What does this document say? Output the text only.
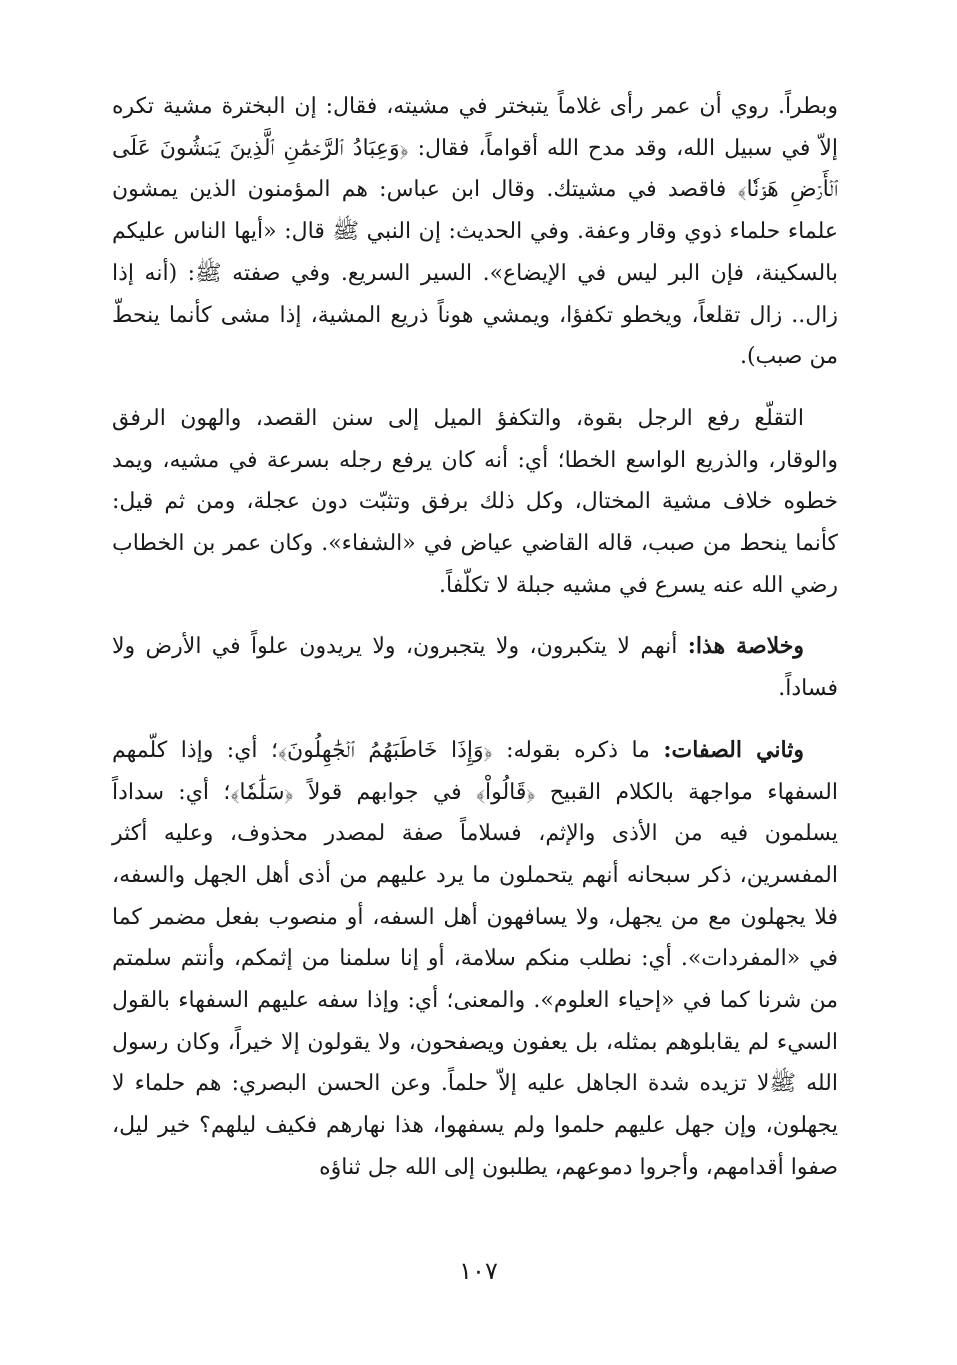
وبطراً. روي أن عمر رأى غلاماً يتبختر في مشيته، فقال: إن البخترة مشية تكره إلاّ في سبيل الله، وقد مدح الله أقواماً، فقال: ﴿وَعِبَادُ ٱلرَّحۡمَٰنِ ٱلَّذِينَ يَمۡشُونَ عَلَى ٱلۡأَرۡضِ هَوۡنٗا﴾ فاقصد في مشيتك. وقال ابن عباس: هم المؤمنون الذين يمشون علماء حلماء ذوي وقار وعفة. وفي الحديث: إن النبي ﷺ قال: «أيها الناس عليكم بالسكينة، فإن البر ليس في الإيضاع». السير السريع. وفي صفته ﷺ: (أنه إذا زال.. زال تقلعاً، ويخطو تكفؤا، ويمشي هوناً ذريع المشية، إذا مشى كأنما ينحطّ من صبب).

التقلّع رفع الرجل بقوة، والتكفؤ الميل إلى سنن القصد، والهون الرفق والوقار، والذريع الواسع الخطا؛ أي: أنه كان يرفع رجله بسرعة في مشيه، ويمد خطوه خلاف مشية المختال، وكل ذلك برفق وتثبّت دون عجلة، ومن ثم قيل: كأنما ينحط من صبب، قاله القاضي عياض في «الشفاء». وكان عمر بن الخطاب رضي الله عنه يسرع في مشيه جبلة لا تكلّفاً.

وخلاصة هذا: أنهم لا يتكبرون، ولا يتجبرون، ولا يريدون علواً في الأرض ولا فساداً.

وثاني الصفات: ما ذكره بقوله: ﴿وَإِذَا خَاطَبَهُمُ ٱلۡجَٰهِلُونَ﴾؛ أي: وإذا كلّمهم السفهاء مواجهة بالكلام القبيح ﴿قَالُواْ﴾ في جوابهم قولاً ﴿سَلَٰمٗا﴾؛ أي: سداداً يسلمون فيه من الأذى والإثم، فسلاماً صفة لمصدر محذوف، وعليه أكثر المفسرين، ذكر سبحانه أنهم يتحملون ما يرد عليهم من أذى أهل الجهل والسفه، فلا يجهلون مع من يجهل، ولا يسافهون أهل السفه، أو منصوب بفعل مضمر كما في «المفردات». أي: نطلب منكم سلامة، أو إنا سلمنا من إثمكم، وأنتم سلمتم من شرنا كما في «إحياء العلوم». والمعنى؛ أي: وإذا سفه عليهم السفهاء بالقول السيء لم يقابلوهم بمثله، بل يعفون ويصفحون، ولا يقولون إلا خيراً، وكان رسول الله ﷺلا تزيده شدة الجاهل عليه إلاّ حلماً. وعن الحسن البصري: هم حلماء لا يجهلون، وإن جهل عليهم حلموا ولم يسفهوا، هذا نهارهم فكيف ليلهم؟ خير ليل، صفوا أقدامهم، وأجروا دموعهم، يطلبون إلى الله جل ثناؤه

١٠٧
